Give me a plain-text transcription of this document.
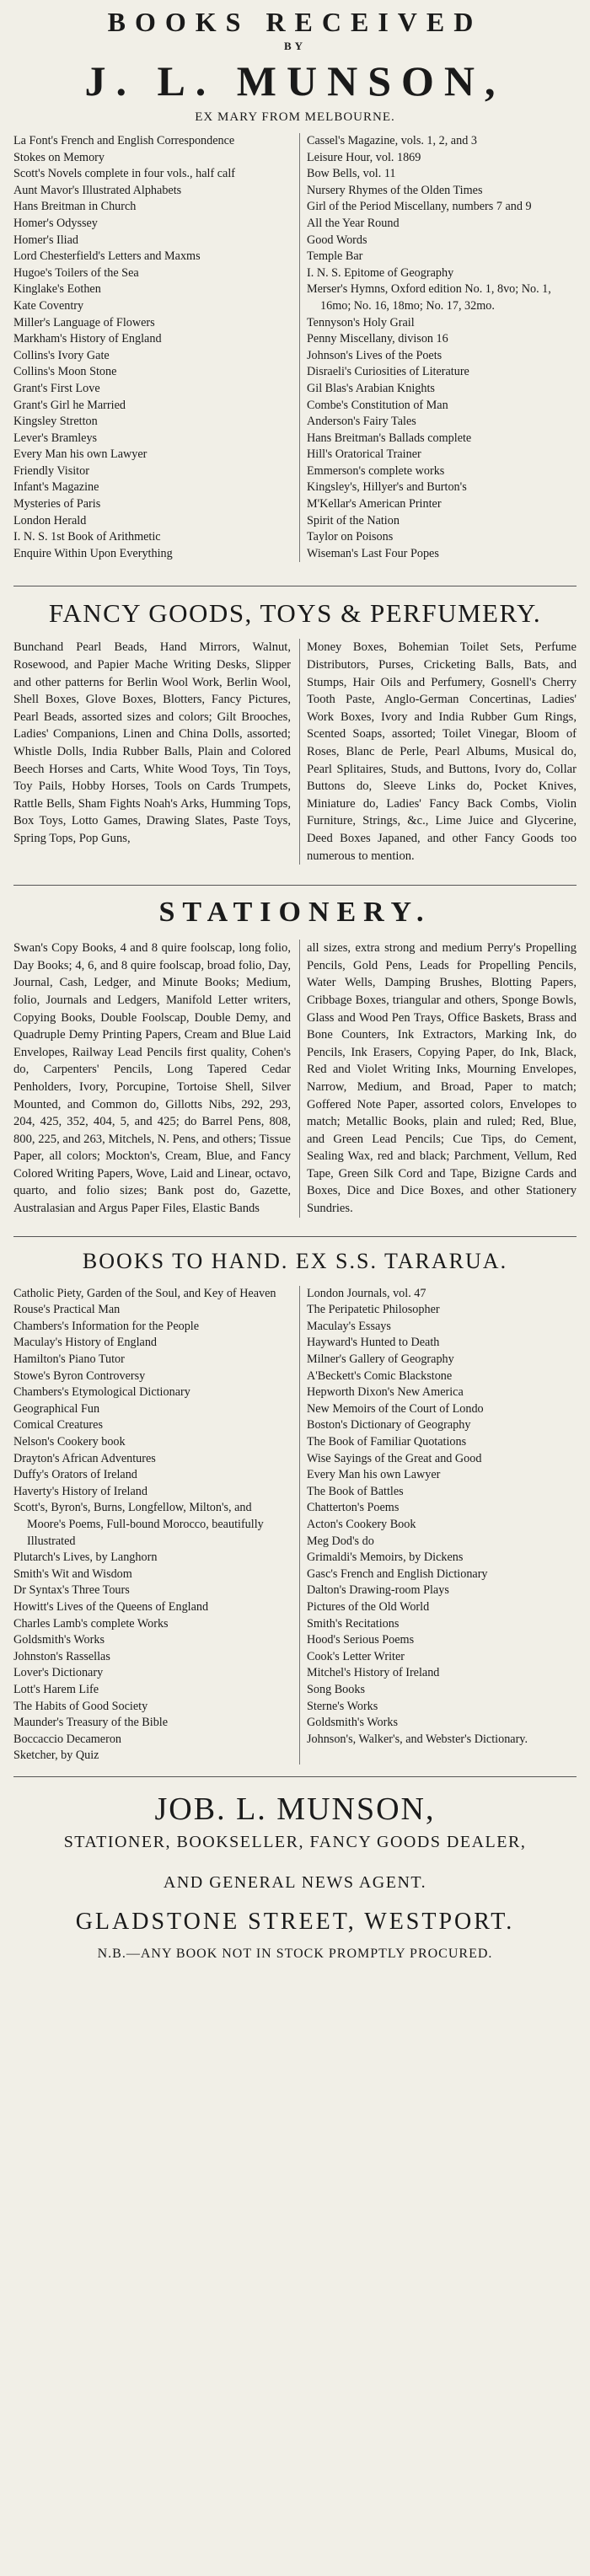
BOOKS RECEIVED
BY
J. L. MUNSON,
EX MARY FROM MELBOURNE.
La Font's French and English Correspondence
Stokes on Memory
Scott's Novels complete in four vols., half calf
Aunt Mavor's Illustrated Alphabets
Hans Breitman in Church
Homer's Odyssey
Homer's Iliad
Lord Chesterfield's Letters and Maxms
Hugoe's Toilers of the Sea
Kinglake's Eothen
Kate Coventry
Miller's Language of Flowers
Markham's History of England
Collins's Ivory Gate
Collins's Moon Stone
Grant's First Love
Grant's Girl he Married
Kingsley Stretton
Lever's Bramleys
Every Man his own Lawyer
Friendly Visitor
Infant's Magazine
Mysteries of Paris
London Herald
I. N. S. 1st Book of Arithmetic
Enquire Within Upon Everything
Cassel's Magazine, vols. 1, 2, and 3
Leisure Hour, vol. 1869
Bow Bells, vol. 11
Nursery Rhymes of the Olden Times
Girl of the Period Miscellany, numbers 7 and 9
All the Year Round
Good Words
Temple Bar
I. N. S. Epitome of Geography
Merser's Hymns, Oxford edition No. 1, 8vo; No. 1, 16mo; No. 16, 18mo; No. 17, 32mo.
Tennyson's Holy Grail
Penny Miscellany, divison 16
Johnson's Lives of the Poets
Disraeli's Curiosities of Literature
Gil Blas's Arabian Knights
Combe's Constitution of Man
Anderson's Fairy Tales
Hans Breitman's Ballads complete
Hill's Oratorical Trainer
Emmerson's complete works
Kingsley's, Hillyer's and Burton's
M'Kellar's American Printer
Spirit of the Nation
Taylor on Poisons
Wiseman's Last Four Popes
FANCY GOODS, TOYS & PERFUMERY.
Bunchand Pearl Beads, Hand Mirrors, Walnut, Rosewood, and Papier Mache Writing Desks, Slipper and other patterns for Berlin Wool Work, Berlin Wool, Shell Boxes, Glove Boxes, Blotters, Fancy Pictures, Pearl Beads, assorted sizes and colors; Gilt Brooches, Ladies' Companions, Linen and China Dolls, assorted; Whistle Dolls, India Rubber Balls, Plain and Colored Beech Horses and Carts, White Wood Toys, Tin Toys, Toy Pails, Hobby Horses, Tools on Cards Trumpets, Rattle Bells, Sham Fights Noah's Arks, Humming Tops, Box Toys, Lotto Games, Drawing Slates, Paste Toys, Spring Tops, Pop Guns,
Money Boxes, Bohemian Toilet Sets, Perfume Distributors, Purses, Cricketing Balls, Bats, and Stumps, Hair Oils and Perfumery, Gosnell's Cherry Tooth Paste, Anglo-German Concertinas, Ladies' Work Boxes, Ivory and India Rubber Gum Rings, Scented Soaps, assorted; Toilet Vinegar, Bloom of Roses, Blanc de Perle, Pearl Albums, Musical do, Pearl Splitaires, Studs, and Buttons, Ivory do, Collar Buttons do, Sleeve Links do, Pocket Knives, Miniature do, Ladies' Fancy Back Combs, Violin Furniture, Strings, &c., Lime Juice and Glycerine, Deed Boxes Japaned, and other Fancy Goods too numerous to mention.
STATIONERY.
Swan's Copy Books, 4 and 8 quire foolscap, long folio, Day Books; 4, 6, and 8 quire foolscap, broad folio, Day, Journal, Cash, Ledger, and Minute Books; Medium, folio, Journals and Ledgers, Manifold Letter writers, Copying Books, Double Foolscap, Double Demy, and Quadruple Demy Printing Papers, Cream and Blue Laid Envelopes, Railway Lead Pencils first quality, Cohen's do, Carpenters' Pencils, Long Tapered Cedar Penholders, Ivory, Porcupine, Tortoise Shell, Silver Mounted, and Common do, Gillotts Nibs, 292, 293, 204, 425, 352, 404, 5, and 425; do Barrel Pens, 808, 800, 225, and 263, Mitchels, N. Pens, and others; Tissue Paper, all colors; Mockton's, Cream, Blue, and Fancy Colored Writing Papers, Wove, Laid and Linear, octavo, quarto, and folio sizes; Bank post do, Gazette, Australasian and Argus Paper Files, Elastic Bands
all sizes, extra strong and medium Perry's Propelling Pencils, Gold Pens, Leads for Propelling Pencils, Water Wells, Damping Brushes, Blotting Papers, Cribbage Boxes, triangular and others, Sponge Bowls, Glass and Wood Pen Trays, Office Baskets, Brass and Bone Counters, Ink Extractors, Marking Ink, do Pencils, Ink Erasers, Copying Paper, do Ink, Black, Red and Violet Writing Inks, Mourning Envelopes, Narrow, Medium, and Broad, Paper to match; Goffered Note Paper, assorted colors, Envelopes to match; Metallic Books, plain and ruled; Red, Blue, and Green Lead Pencils; Cue Tips, do Cement, Sealing Wax, red and black; Parchment, Vellum, Red Tape, Green Silk Cord and Tape, Bizigne Cards and Boxes, Dice and Dice Boxes, and other Stationery Sundries.
BOOKS TO HAND. EX S.S. TARARUA.
Catholic Piety, Garden of the Soul, and Key of Heaven
Rouse's Practical Man
Chambers's Information for the People
Maculay's History of England
Hamilton's Piano Tutor
Stowe's Byron Controversy
Chambers's Etymological Dictionary
Geographical Fun
Comical Creatures
Nelson's Cookery book
Drayton's African Adventures
Duffy's Orators of Ireland
Haverty's History of Ireland
Scott's, Byron's, Burns, Longfellow, Milton's, and Moore's Poems, Full-bound Morocco, beautifully Illustrated
Plutarch's Lives, by Langhorn
Smith's Wit and Wisdom
Dr Syntax's Three Tours
Howitt's Lives of the Queens of England
Charles Lamb's complete Works
Goldsmith's Works
Johnston's Rassellas
Lover's Dictionary
Lott's Harem Life
The Habits of Good Society
Maunder's Treasury of the Bible
Boccaccio Decameron
Sketcher, by Quiz
London Journals, vol. 47
The Peripatetic Philosopher
Maculay's Essays
Hayward's Hunted to Death
Milner's Gallery of Geography
A'Beckett's Comic Blackstone
Hepworth Dixon's New America
New Memoirs of the Court of Londo
Boston's Dictionary of Geography
The Book of Familiar Quotations
Wise Sayings of the Great and Good
Every Man his own Lawyer
The Book of Battles
Chatterton's Poems
Acton's Cookery Book
Meg Dod's do
Grimaldi's Memoirs, by Dickens
Gasc's French and English Dictionary
Dalton's Drawing-room Plays
Pictures of the Old World
Smith's Recitations
Hood's Serious Poems
Cook's Letter Writer
Mitchel's History of Ireland
Song Books
Sterne's Works
Goldsmith's Works
Johnson's, Walker's, and Webster's Dictionary.
JOB. L. MUNSON,
STATIONER, BOOKSELLER, FANCY GOODS DEALER,
AND GENERAL NEWS AGENT.
GLADSTONE STREET, WESTPORT.
N.B.—ANY BOOK NOT IN STOCK PROMPTLY PROCURED.
